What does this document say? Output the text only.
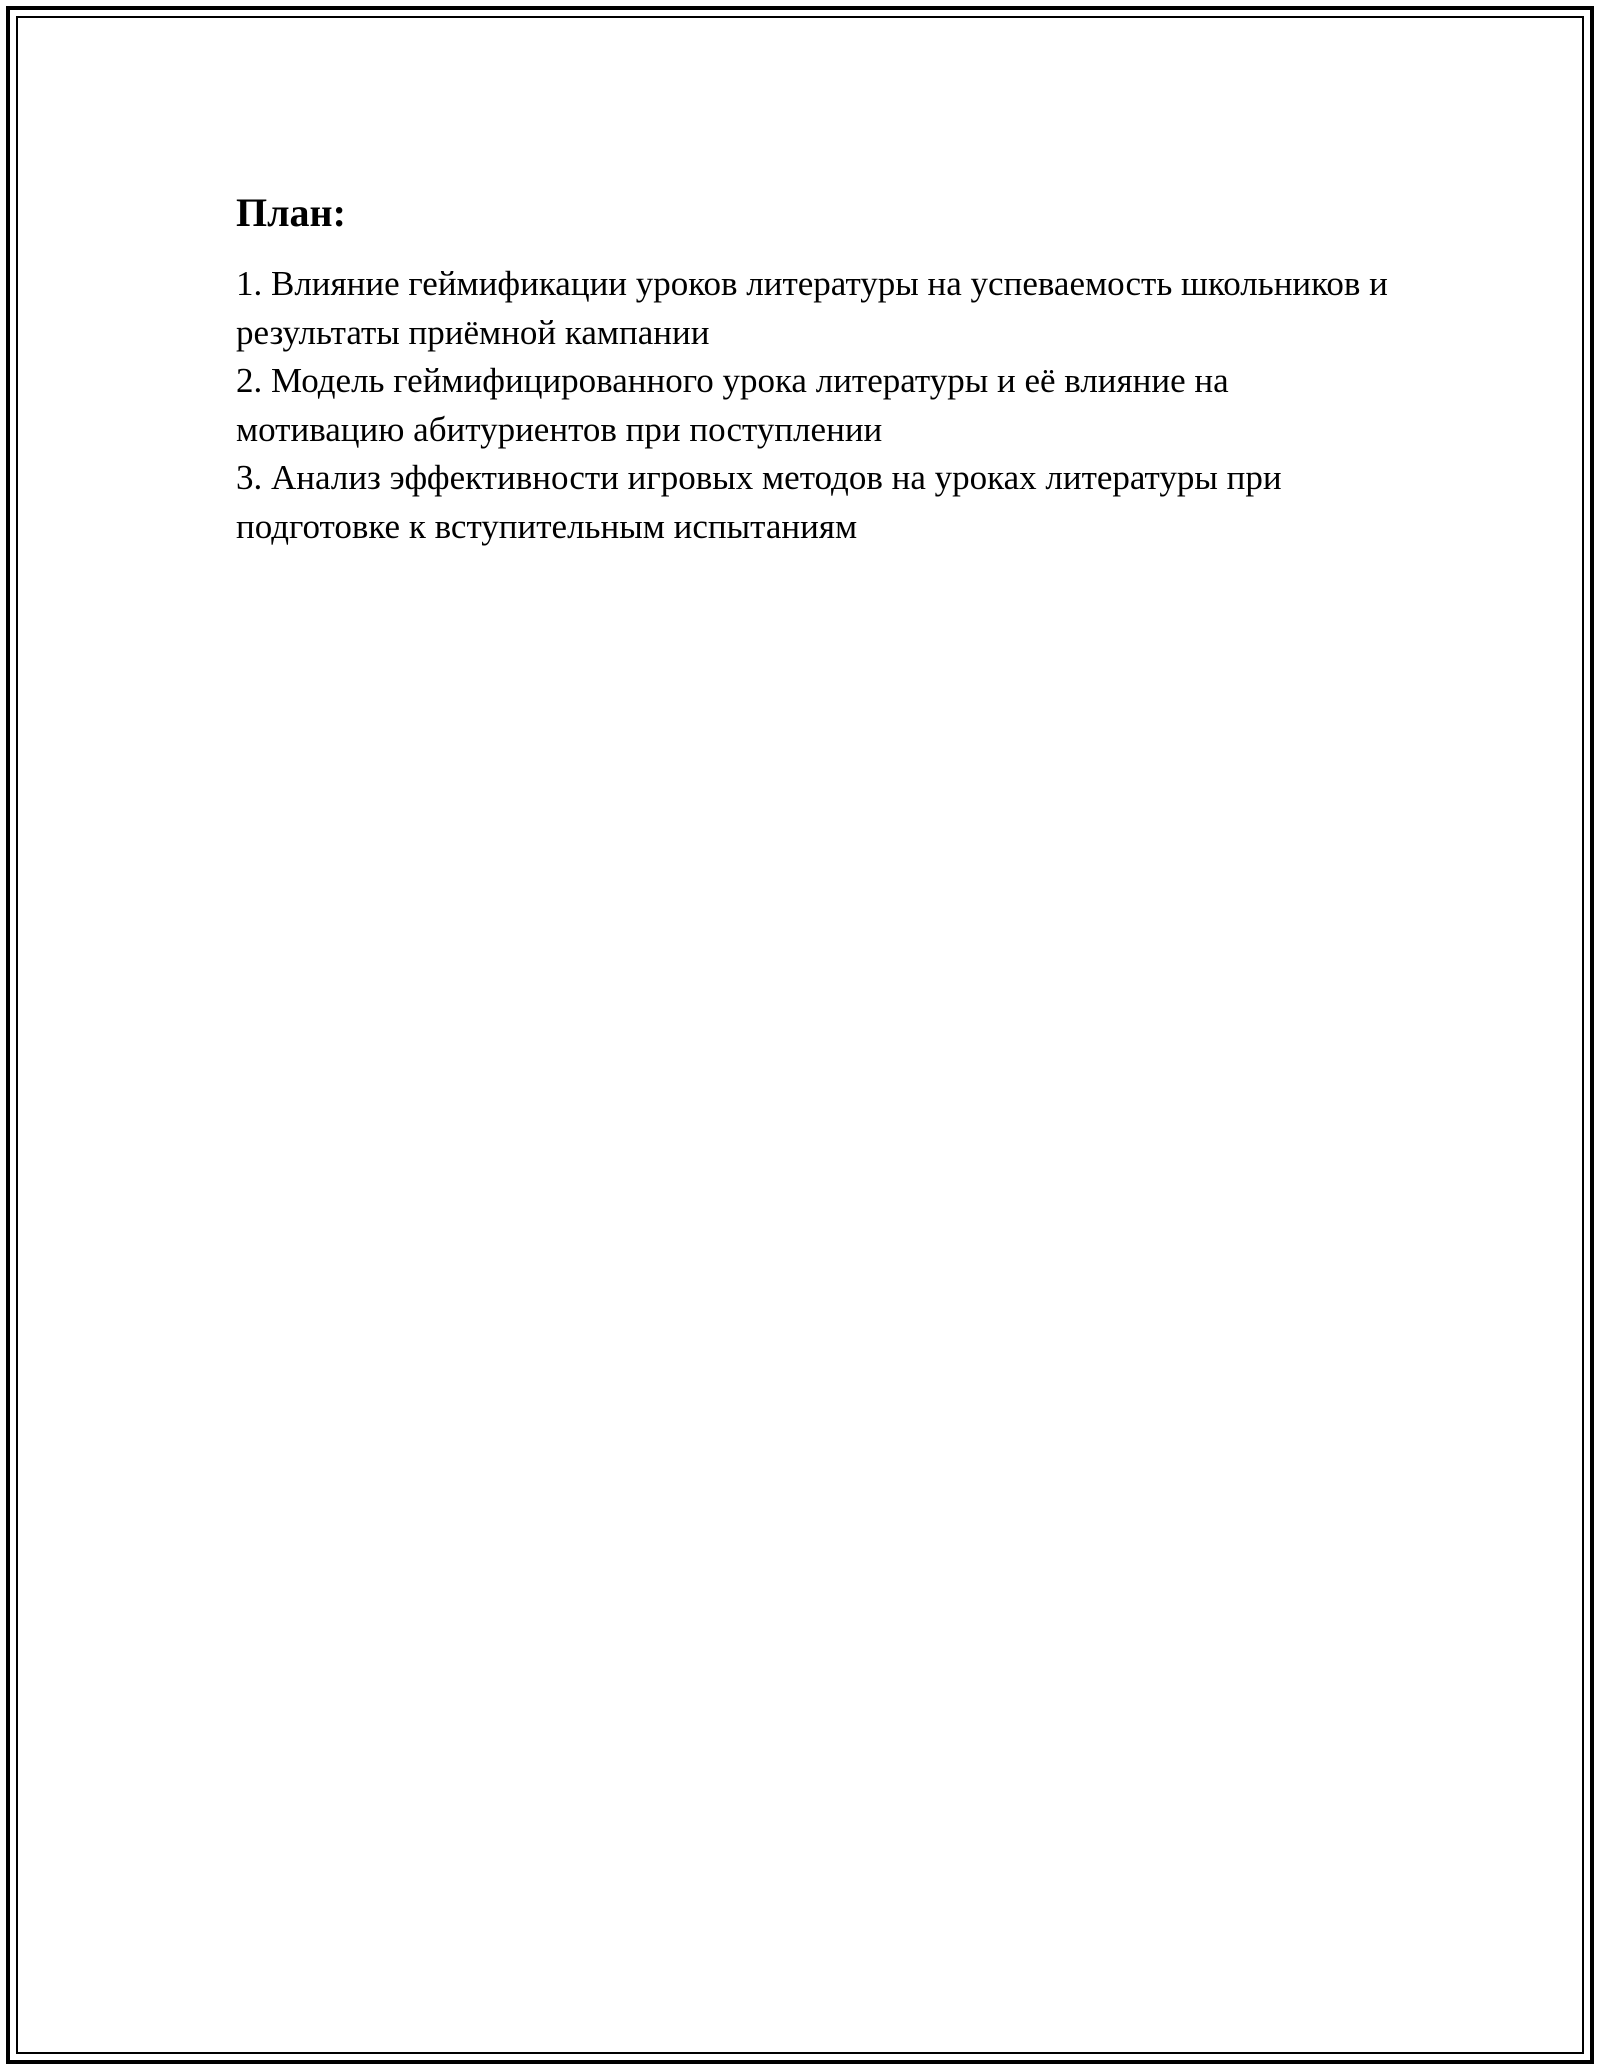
План:
1. Влияние геймификации уроков литературы на успеваемость школьников и результаты приёмной кампании
2. Модель геймифицированного урока литературы и её влияние на мотивацию абитуриентов при поступлении
3. Анализ эффективности игровых методов на уроках литературы при подготовке к вступительным испытаниям
